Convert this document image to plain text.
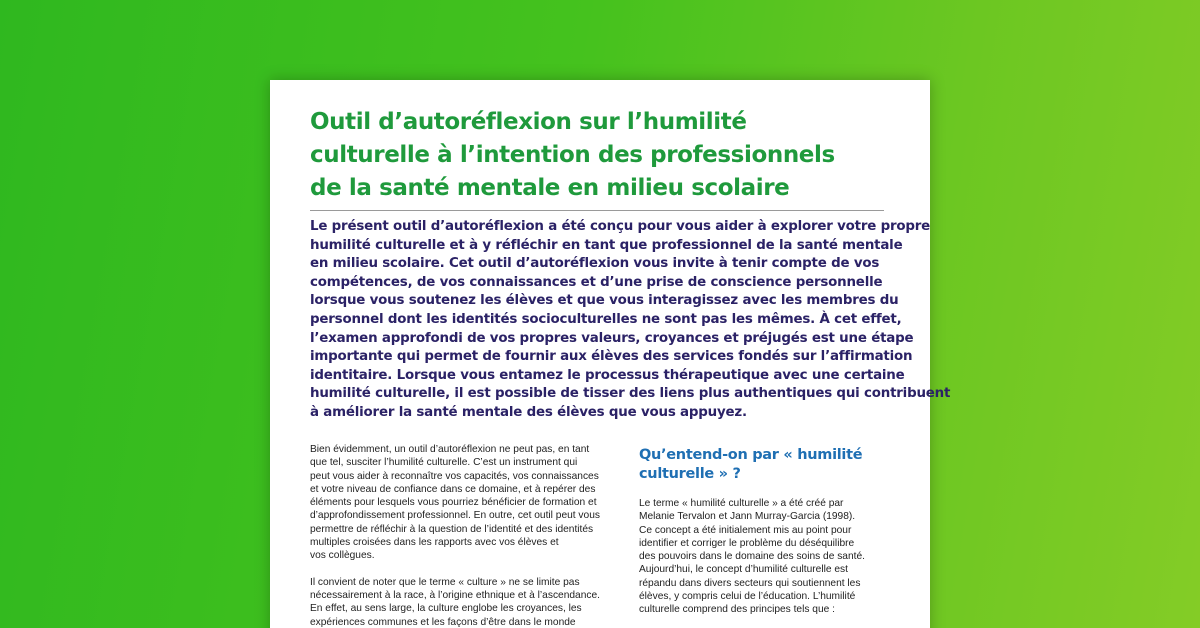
Outil d’autoréflexion sur l’humilité
culturelle à l’intention des professionnels
de la santé mentale en milieu scolaire
Le présent outil d’autoréflexion a été conçu pour vous aider à explorer votre propre
humilité culturelle et à y réfléchir en tant que professionnel de la santé mentale
en milieu scolaire. Cet outil d’autoréflexion vous invite à tenir compte de vos
compétences, de vos connaissances et d’une prise de conscience personnelle
lorsque vous soutenez les élèves et que vous interagissez avec les membres du
personnel dont les identités socioculturelles ne sont pas les mêmes. À cet effet,
l’examen approfondi de vos propres valeurs, croyances et préjugés est une étape
importante qui permet de fournir aux élèves des services fondés sur l’affirmation
identitaire. Lorsque vous entamez le processus thérapeutique avec une certaine
humilité culturelle, il est possible de tisser des liens plus authentiques qui contribuent
à améliorer la santé mentale des élèves que vous appuyez.
Bien évidemment, un outil d’autoréflexion ne peut pas, en tant
que tel, susciter l’humilité culturelle. C’est un instrument qui
peut vous aider à reconnaître vos capacités, vos connaissances
et votre niveau de confiance dans ce domaine, et à repérer des
éléments pour lesquels vous pourriez bénéficier de formation et
d’approfondissement professionnel. En outre, cet outil peut vous
permettre de réfléchir à la question de l’identité et des identités
multiples croisées dans les rapports avec vos élèves et
vos collègues.
Il convient de noter que le terme « culture » ne se limite pas
nécessairement à la race, à l’origine ethnique et à l’ascendance.
En effet, au sens large, la culture englobe les croyances, les
expériences communes et les façons d’être dans le monde
Qu’entend-on par « humilité
culturelle » ?
Le terme « humilité culturelle » a été créé par
Melanie Tervalon et Jann Murray-Garcia (1998).
Ce concept a été initialement mis au point pour
identifier et corriger le problème du déséquilibre
des pouvoirs dans le domaine des soins de santé.
Aujourd’hui, le concept d’humilité culturelle est
répandu dans divers secteurs qui soutiennent les
élèves, y compris celui de l’éducation. L’humilité
culturelle comprend des principes tels que :
